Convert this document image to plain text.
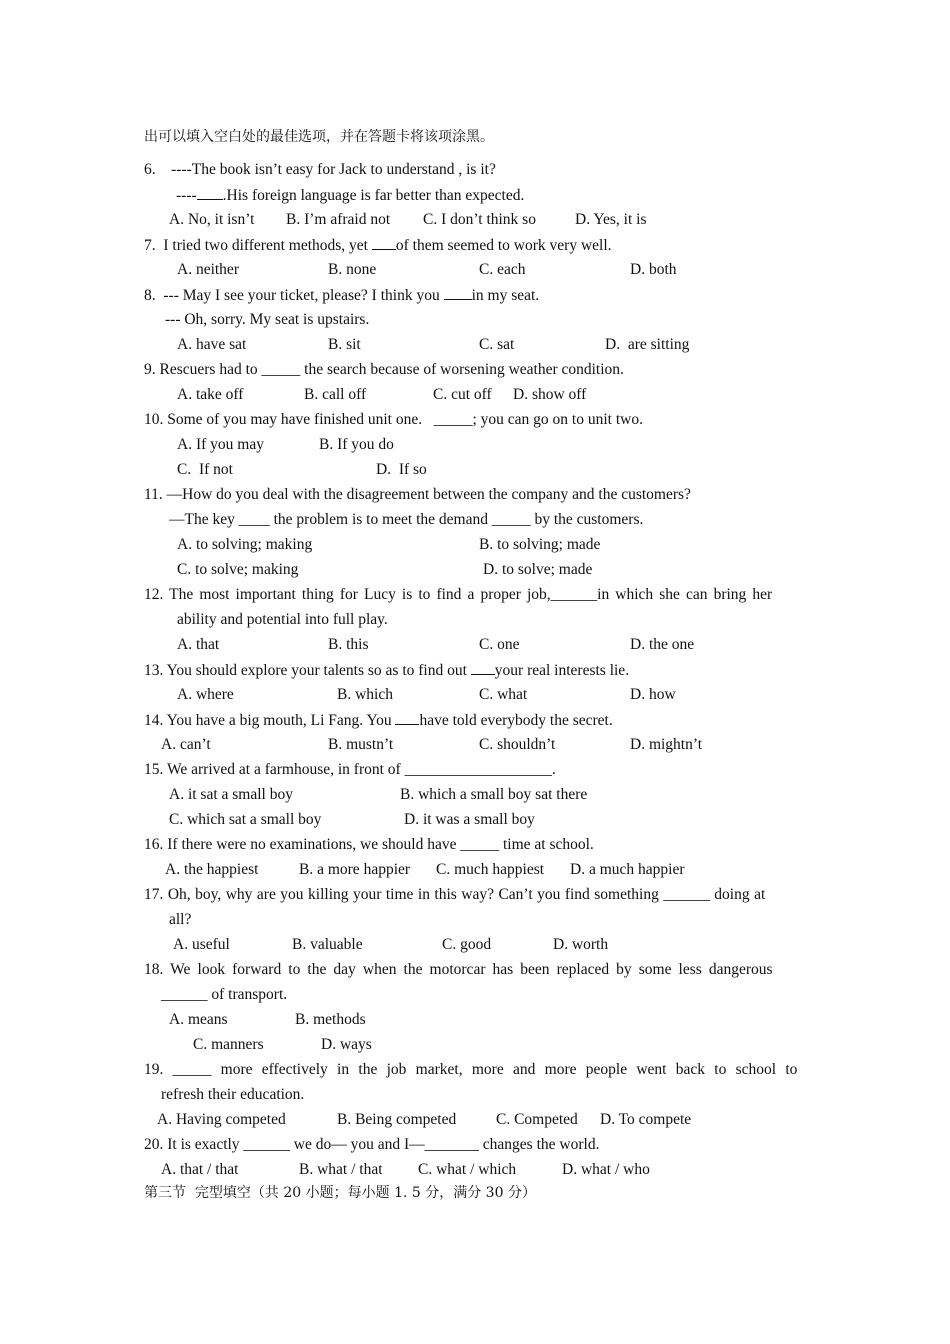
出可以填入空白处的最佳选项，并在答题卡将该项涂黑。
6.    ----The book isn’t easy for Jack to understand , is it?
---- .His foreign language is far better than expected.
A. No, it isn’t B. I’m afraid not C. I don’t think so	D. Yes, it is
7.  I tried two different methods, yet of them seemed to work very well.
A. neither	B. none	C. each	D. both
8.  --- May I see your ticket, please? I think you in my seat.
--- Oh, sorry. My seat is upstairs.
A. have sat	B. sit	C. sat	D.  are sitting
9. Rescuers had to _____ the search because of worsening weather condition.
A. take off	B. call off	C. cut off D. show off
10. Some of you may have finished unit one.   _____; you can go on to unit two.
A. If you may	B. If you do
C.  If not	D.  If so
11. —How do you deal with the disagreement between the company and the customers?
—The key ____ the problem is to meet the demand _____ by the customers.
A. to solving; making	B. to solving; made
C. to solve; making	D. to solve; made
12. The most important thing for Lucy is to find a proper job,______in which she can bring her
ability and potential into full play.
A. that	B. this	C. one	D. the one
13. You should explore your talents so as to find out your real interests lie.
A. where	B. which	C. what	D. how
14. You have a big mouth, Li Fang. You have told everybody the secret.
A. can’t	B. mustn’t	C. shouldn’t	D. mightn’t
15. We arrived at a farmhouse, in front of ___________________.
A. it sat a small boy	B. which a small boy sat there
C. which sat a small boy	D. it was a small boy
16. If there were no examinations, we should have _____ time at school.
A. the happiest	B. a more happier C. much happiest D. a much happier
17. Oh, boy, why are you killing your time in this way? Can’t you find something ______ doing at
all?
A. useful	B. valuable	C. good	D. worth
18. We look forward to the day when the motorcar has been replaced by some less dangerous
______ of transport.
A. means	B. methods
C. manners	D. ways
19. _____ more effectively in the job market, more and more people went back to school to
refresh their education.
A. Having competed	B. Being competed	C. Competed D. To compete
20. It is exactly ______ we do— you and I—_______ changes the world.
A. that / that	B. what / that C. what / which	D. what / who
第三节  完型填空（共 20 小题；每小题 1. 5 分，满分 30 分）
